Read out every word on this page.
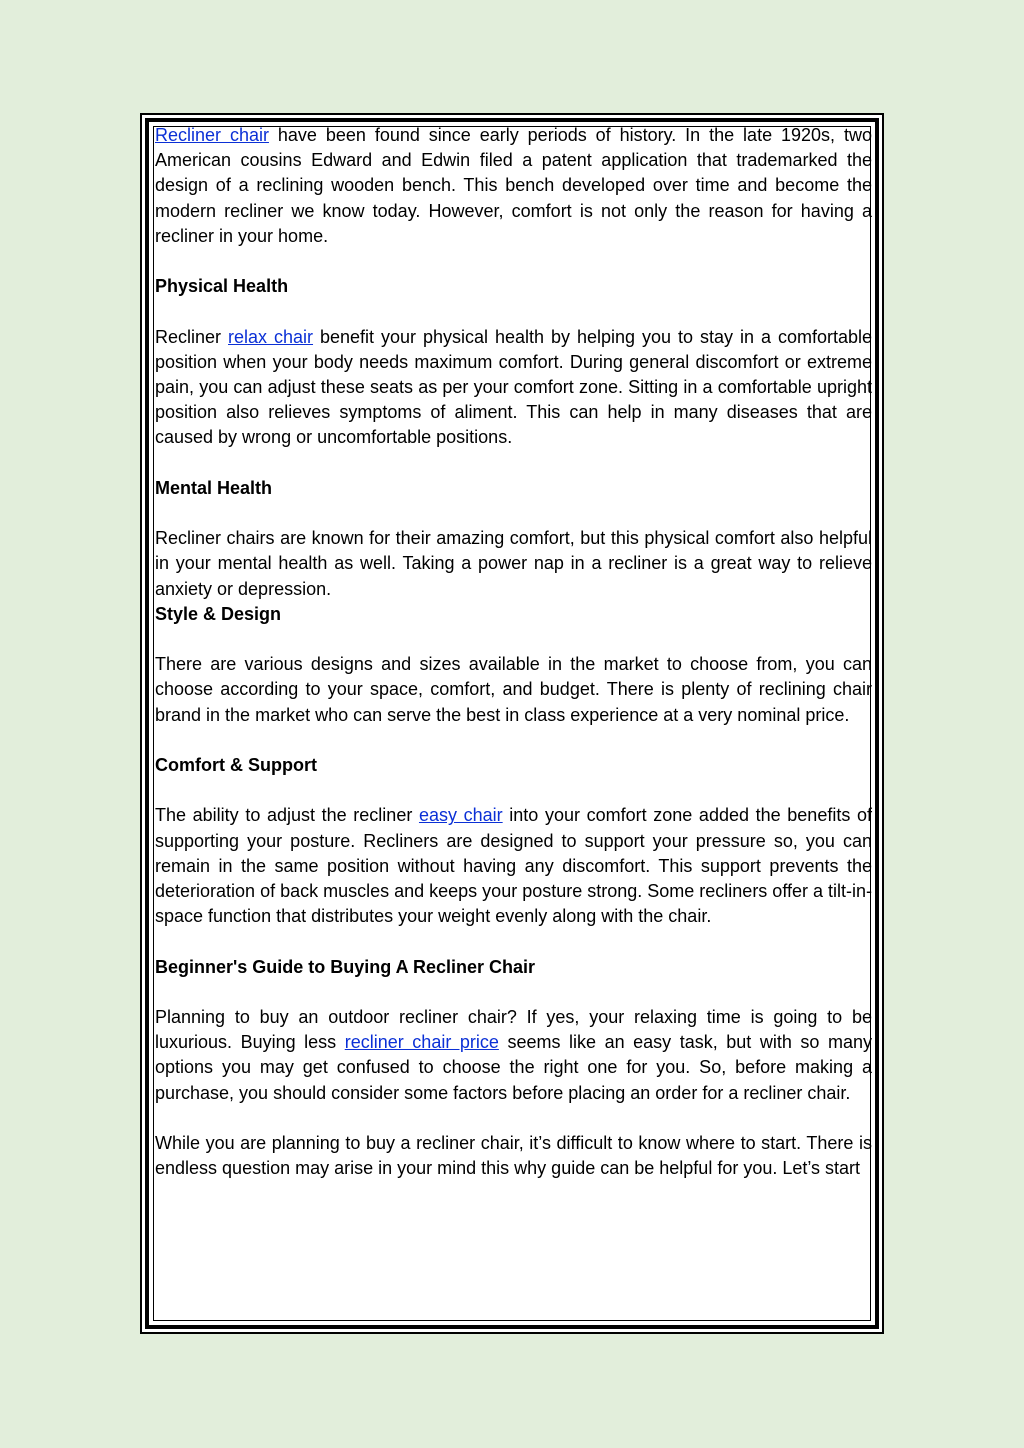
Recliner chair have been found since early periods of history. In the late 1920s, two American cousins Edward and Edwin filed a patent application that trademarked the design of a reclining wooden bench. This bench developed over time and become the modern recliner we know today. However, comfort is not only the reason for having a recliner in your home.

Physical Health

Recliner relax chair benefit your physical health by helping you to stay in a comfortable position when your body needs maximum comfort. During general discomfort or extreme pain, you can adjust these seats as per your comfort zone. Sitting in a comfortable upright position also relieves symptoms of aliment. This can help in many diseases that are caused by wrong or uncomfortable positions.

Mental Health

Recliner chairs are known for their amazing comfort, but this physical comfort also helpful in your mental health as well. Taking a power nap in a recliner is a great way to relieve anxiety or depression.

Style & Design

There are various designs and sizes available in the market to choose from, you can choose according to your space, comfort, and budget. There is plenty of reclining chair brand in the market who can serve the best in class experience at a very nominal price.

Comfort & Support

The ability to adjust the recliner easy chair into your comfort zone added the benefits of supporting your posture. Recliners are designed to support your pressure so, you can remain in the same position without having any discomfort. This support prevents the deterioration of back muscles and keeps your posture strong. Some recliners offer a tilt-in-space function that distributes your weight evenly along with the chair.

Beginner's Guide to Buying A Recliner Chair

Planning to buy an outdoor recliner chair? If yes, your relaxing time is going to be luxurious. Buying less recliner chair price seems like an easy task, but with so many options you may get confused to choose the right one for you. So, before making a purchase, you should consider some factors before placing an order for a recliner chair.

While you are planning to buy a recliner chair, it’s difficult to know where to start. There is endless question may arise in your mind this why guide can be helpful for you. Let’s start
